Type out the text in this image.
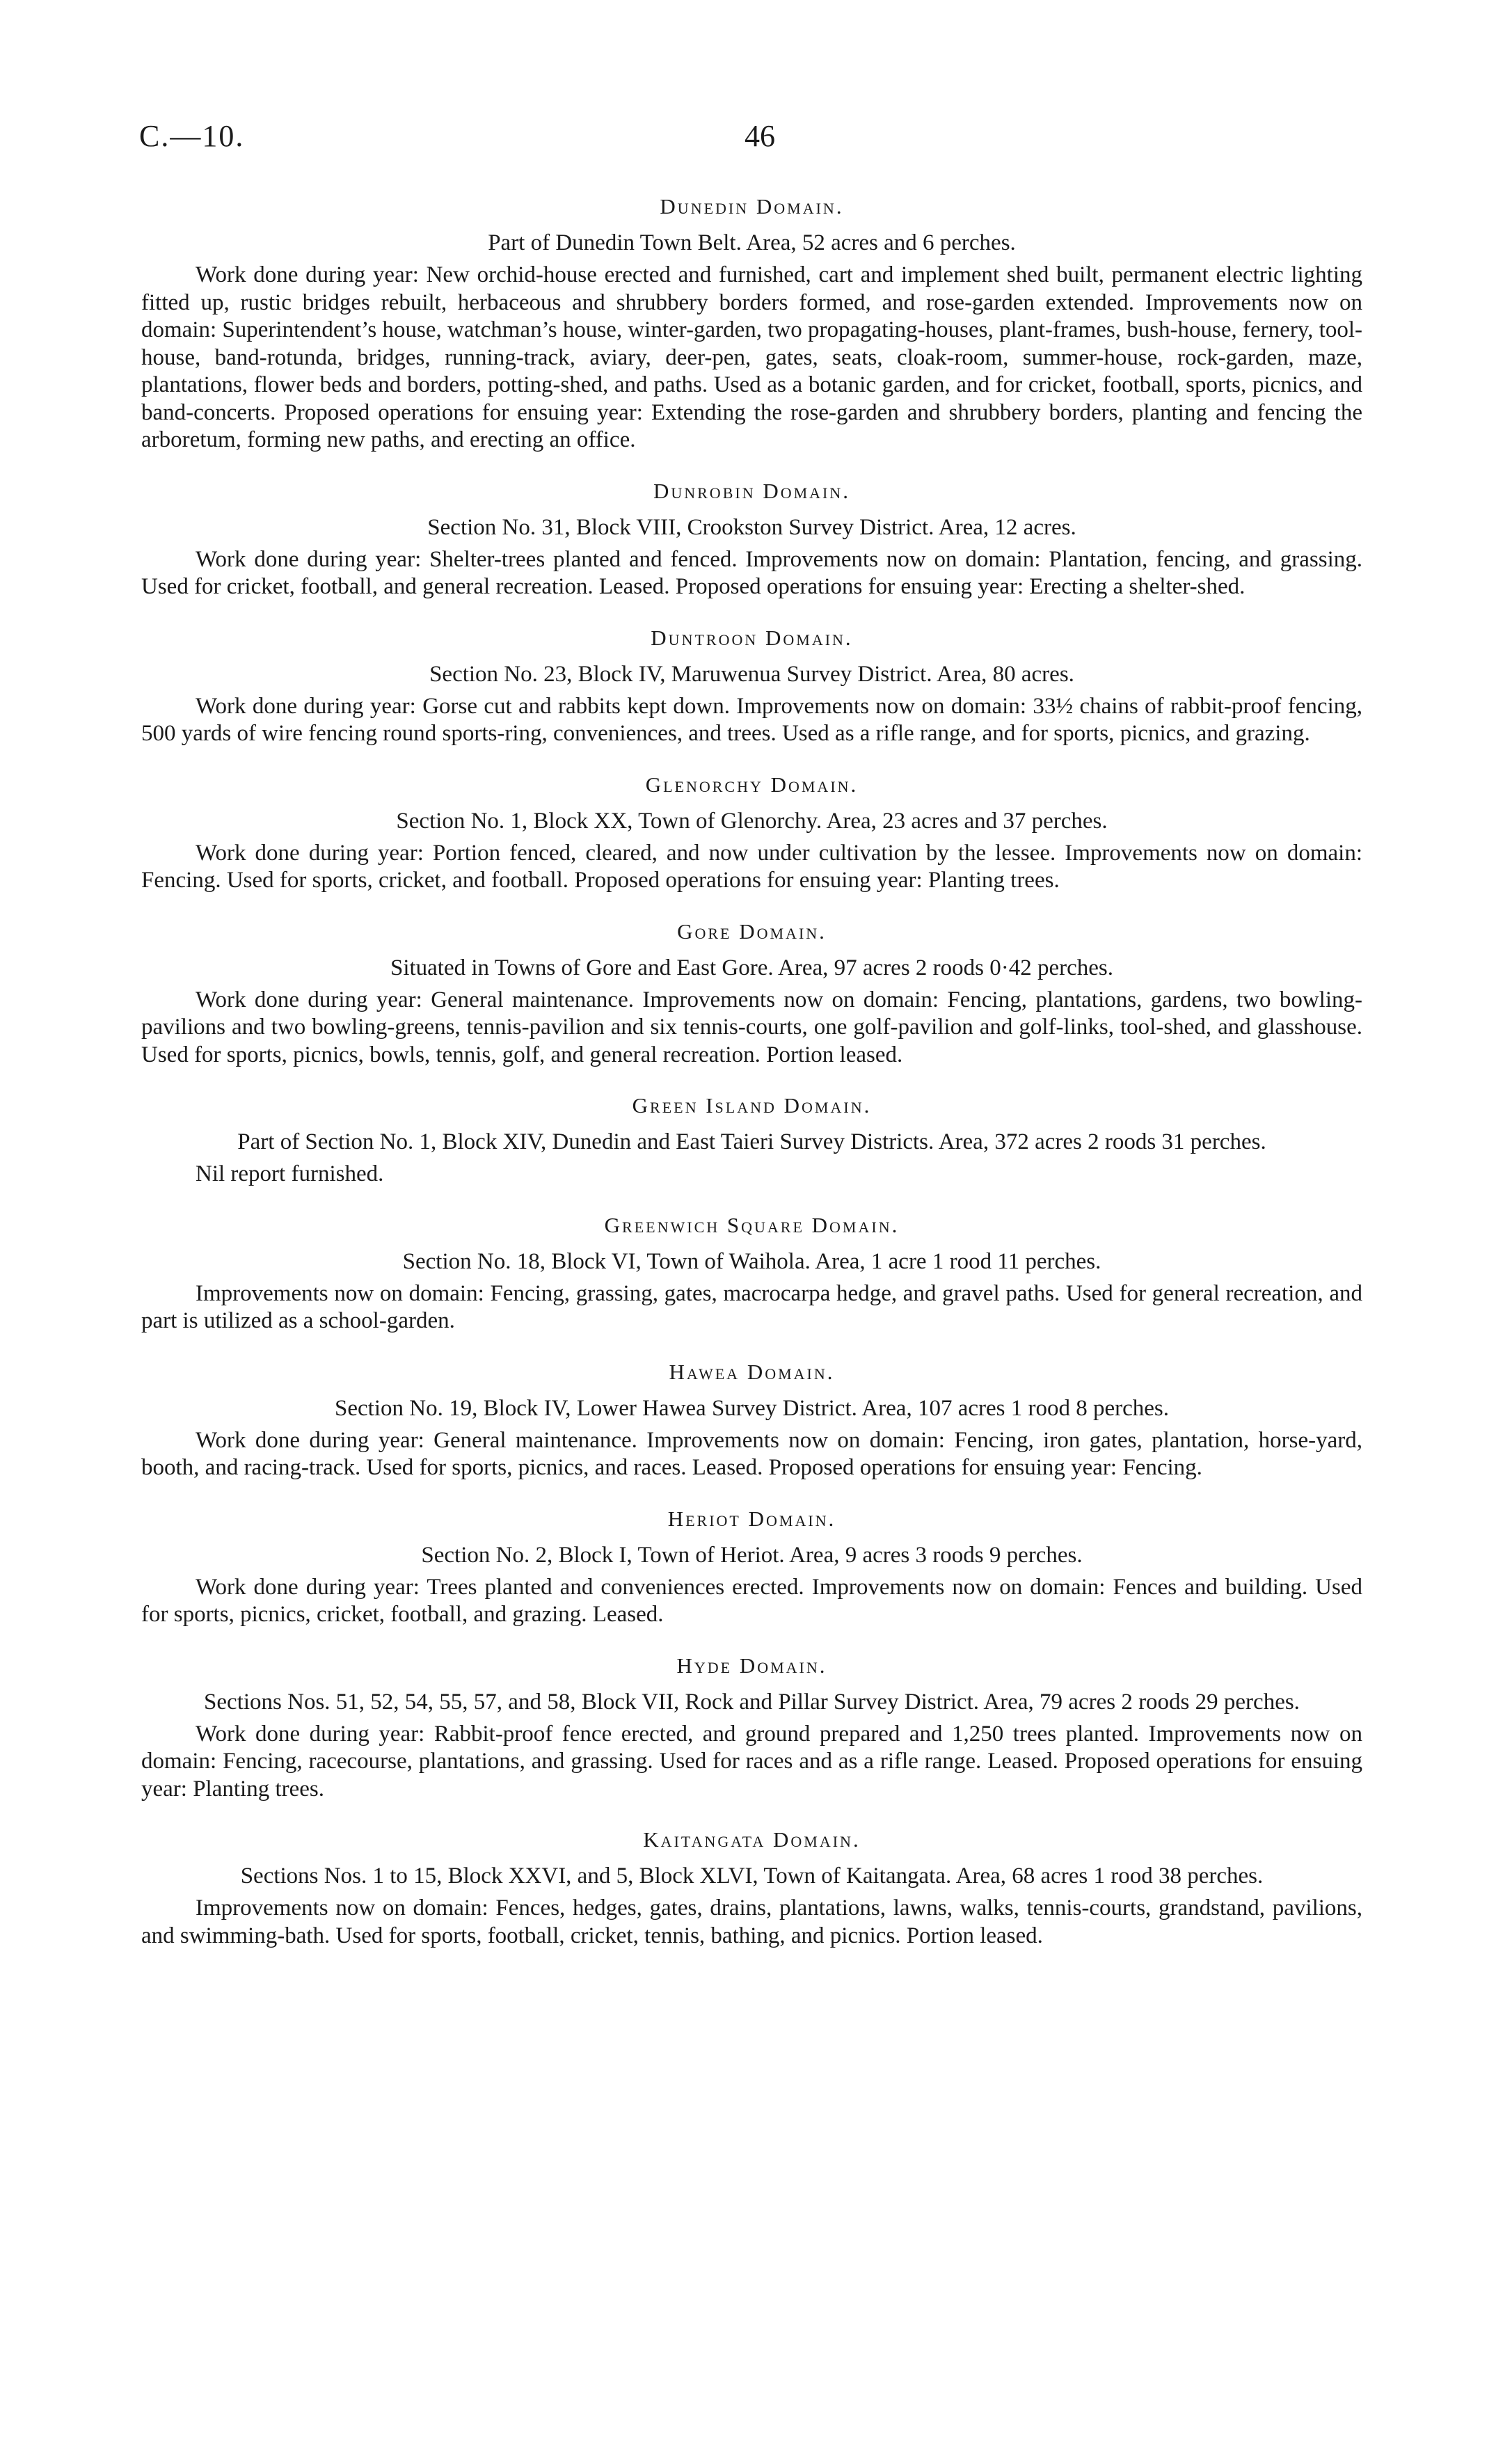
C.—10.	46
Dunedin Domain.
Part of Dunedin Town Belt. Area, 52 acres and 6 perches.

Work done during year: New orchid-house erected and furnished, cart and implement shed built, permanent electric lighting fitted up, rustic bridges rebuilt, herbaceous and shrubbery borders formed, and rose-garden extended. Improvements now on domain: Superintendent’s house, watchman’s house, winter-garden, two propagating-houses, plant-frames, bush-house, fernery, tool-house, band-rotunda, bridges, running-track, aviary, deer-pen, gates, seats, cloak-room, summer-house, rock-garden, maze, plantations, flower beds and borders, potting-shed, and paths. Used as a botanic garden, and for cricket, football, sports, picnics, and band-concerts. Proposed operations for ensuing year: Extending the rose-garden and shrubbery borders, planting and fencing the arboretum, forming new paths, and erecting an office.

Dunrobin Domain.
Section No. 31, Block VIII, Crookston Survey District. Area, 12 acres.

Work done during year: Shelter-trees planted and fenced. Improvements now on domain: Plantation, fencing, and grassing. Used for cricket, football, and general recreation. Leased. Proposed operations for ensuing year: Erecting a shelter-shed.

Duntroon Domain.
Section No. 23, Block IV, Maruwenua Survey District. Area, 80 acres.

Work done during year: Gorse cut and rabbits kept down. Improvements now on domain: 33½ chains of rabbit-proof fencing, 500 yards of wire fencing round sports-ring, conveniences, and trees. Used as a rifle range, and for sports, picnics, and grazing.

Glenorchy Domain.
Section No. 1, Block XX, Town of Glenorchy. Area, 23 acres and 37 perches.

Work done during year: Portion fenced, cleared, and now under cultivation by the lessee. Improvements now on domain: Fencing. Used for sports, cricket, and football. Proposed operations for ensuing year: Planting trees.

Gore Domain.
Situated in Towns of Gore and East Gore. Area, 97 acres 2 roods 0·42 perches.

Work done during year: General maintenance. Improvements now on domain: Fencing, plantations, gardens, two bowling-pavilions and two bowling-greens, tennis-pavilion and six tennis-courts, one golf-pavilion and golf-links, tool-shed, and glasshouse. Used for sports, picnics, bowls, tennis, golf, and general recreation. Portion leased.

Green Island Domain.
Part of Section No. 1, Block XIV, Dunedin and East Taieri Survey Districts. Area, 372 acres 2 roods 31 perches.
Nil report furnished.
Greenwich Square Domain.
Section No. 18, Block VI, Town of Waihola. Area, 1 acre 1 rood 11 perches.

Improvements now on domain: Fencing, grassing, gates, macrocarpa hedge, and gravel paths. Used for general recreation, and part is utilized as a school-garden.

Hawea Domain.
Section No. 19, Block IV, Lower Hawea Survey District. Area, 107 acres 1 rood 8 perches.

Work done during year: General maintenance. Improvements now on domain: Fencing, iron gates, plantation, horse-yard, booth, and racing-track. Used for sports, picnics, and races. Leased. Proposed operations for ensuing year: Fencing.

Heriot Domain.
Section No. 2, Block I, Town of Heriot. Area, 9 acres 3 roods 9 perches.

Work done during year: Trees planted and conveniences erected. Improvements now on domain: Fences and building. Used for sports, picnics, cricket, football, and grazing. Leased.

Hyde Domain.
Sections Nos. 51, 52, 54, 55, 57, and 58, Block VII, Rock and Pillar Survey District. Area, 79 acres 2 roods 29 perches.

Work done during year: Rabbit-proof fence erected, and ground prepared and 1,250 trees planted. Improvements now on domain: Fencing, racecourse, plantations, and grassing. Used for races and as a rifle range. Leased. Proposed operations for ensuing year: Planting trees.

Kaitangata Domain.
Sections Nos. 1 to 15, Block XXVI, and 5, Block XLVI, Town of Kaitangata. Area, 68 acres 1 rood 38 perches.

Improvements now on domain: Fences, hedges, gates, drains, plantations, lawns, walks, tennis-courts, grandstand, pavilions, and swimming-bath. Used for sports, football, cricket, tennis, bathing, and picnics. Portion leased.
